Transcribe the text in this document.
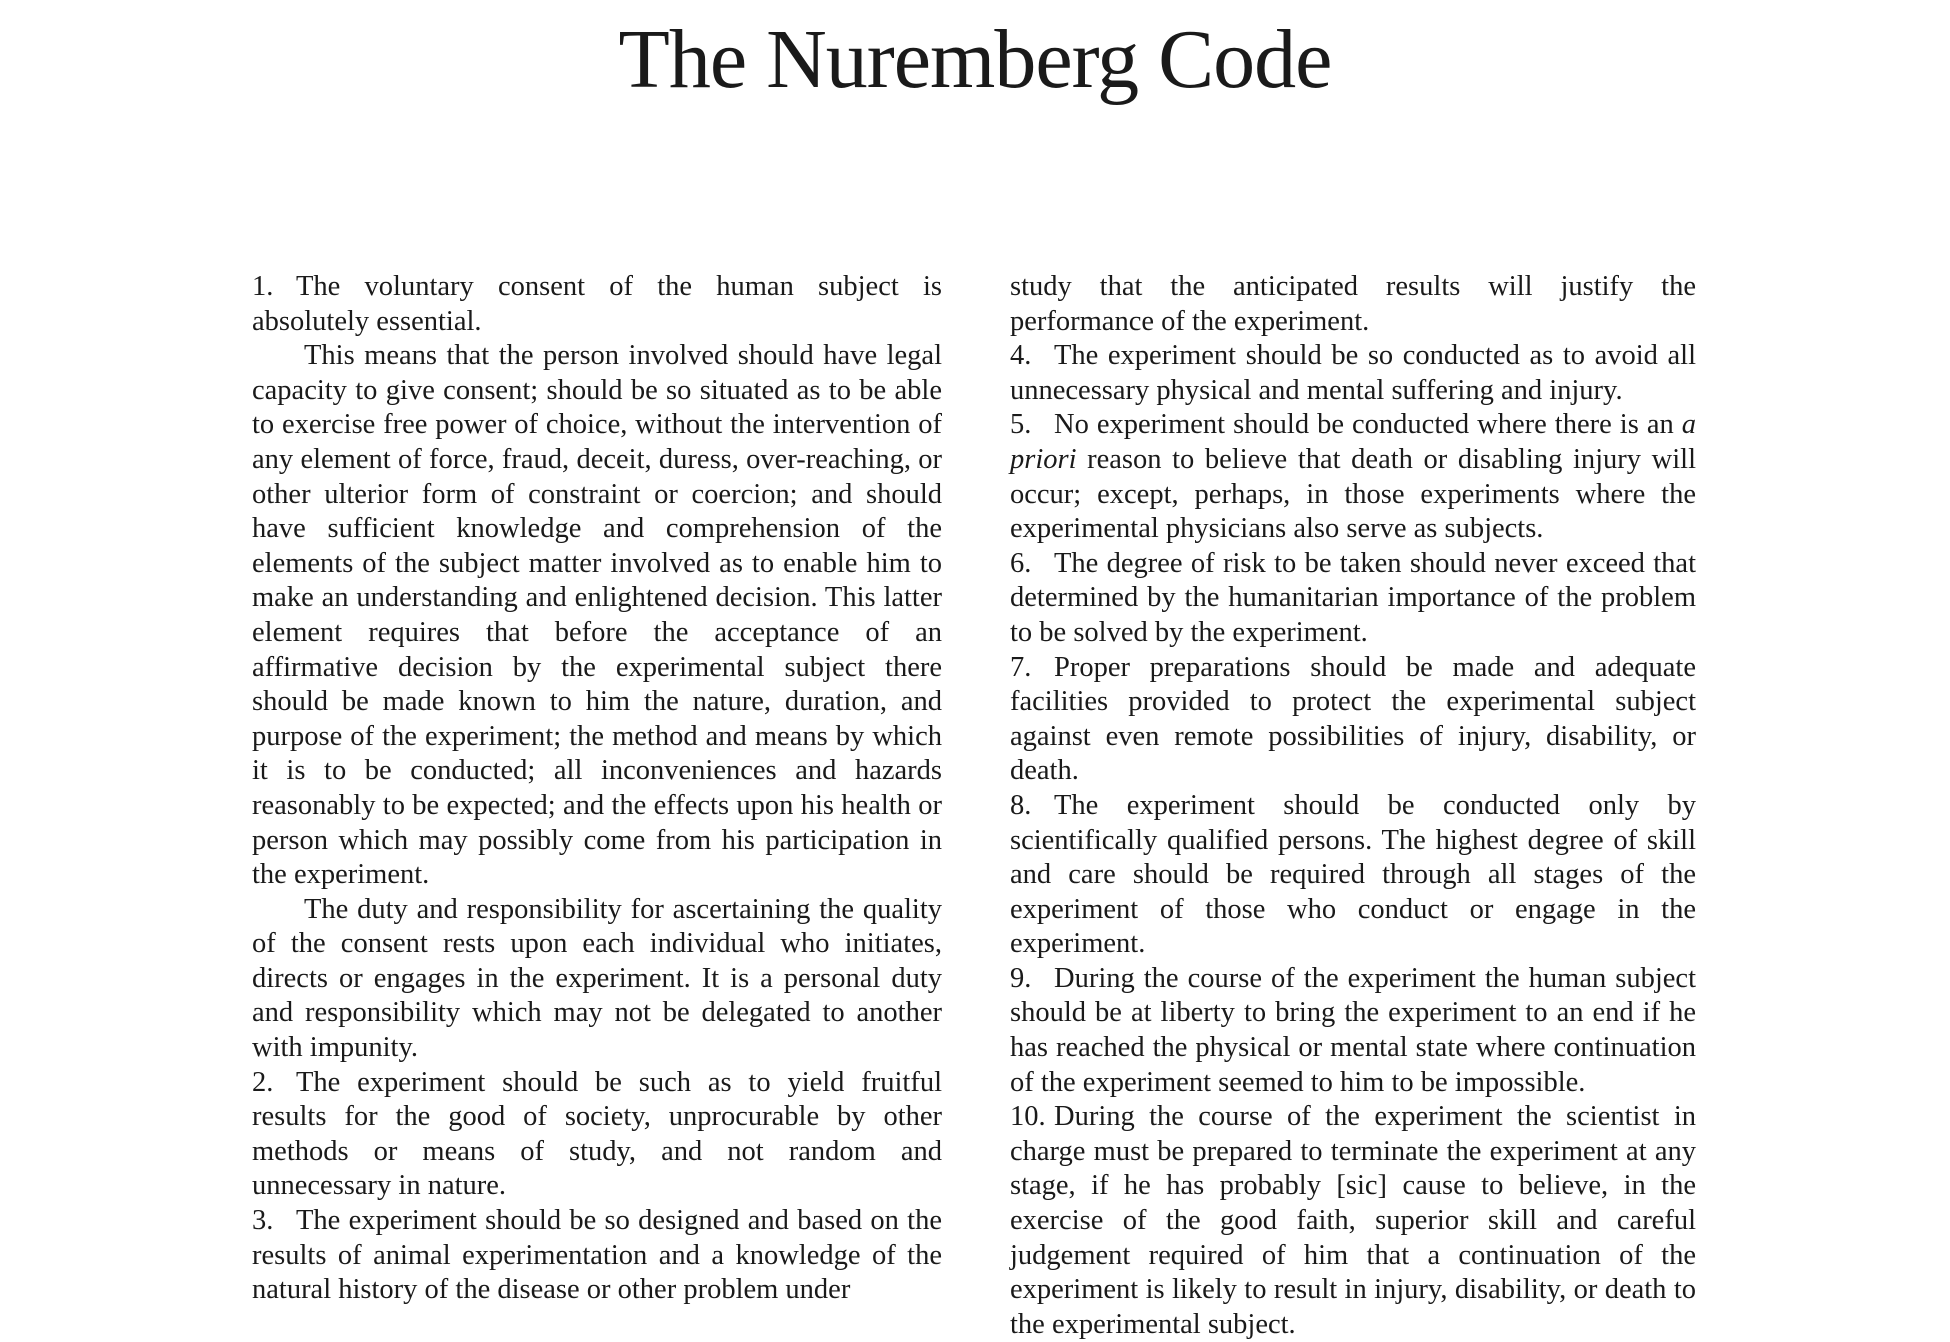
The Nuremberg Code

1. The voluntary consent of the human subject is absolutely essential.

This means that the person involved should have legal capacity to give consent; should be so situated as to be able to exercise free power of choice, without the intervention of any element of force, fraud, deceit, duress, over-reaching, or other ulterior form of constraint or coercion; and should have sufficient knowledge and comprehension of the elements of the subject matter involved as to enable him to make an understanding and enlightened decision. This latter element requires that before the acceptance of an affirmative decision by the experimental subject there should be made known to him the nature, duration, and purpose of the experiment; the method and means by which it is to be conducted; all inconveniences and hazards reasonably to be expected; and the effects upon his health or person which may possibly come from his participation in the experiment.

The duty and responsibility for ascertaining the quality of the consent rests upon each individual who initiates, directs or engages in the experiment. It is a personal duty and responsibility which may not be delegated to another with impunity.

2. The experiment should be such as to yield fruitful results for the good of society, unprocurable by other methods or means of study, and not random and unnecessary in nature.

3. The experiment should be so designed and based on the results of animal experimentation and a knowledge of the natural history of the disease or other problem under

study that the anticipated results will justify the performance of the experiment.

4. The experiment should be so conducted as to avoid all unnecessary physical and mental suffering and injury.

5. No experiment should be conducted where there is an a priori reason to believe that death or disabling injury will occur; except, perhaps, in those experiments where the experimental physicians also serve as subjects.

6. The degree of risk to be taken should never exceed that determined by the humanitarian importance of the problem to be solved by the experiment.

7. Proper preparations should be made and adequate facilities provided to protect the experimental subject against even remote possibilities of injury, disability, or death.

8. The experiment should be conducted only by scientifically qualified persons. The highest degree of skill and care should be required through all stages of the experiment of those who conduct or engage in the experiment.

9. During the course of the experiment the human subject should be at liberty to bring the experiment to an end if he has reached the physical or mental state where continuation of the experiment seemed to him to be impossible.

10. During the course of the experiment the scientist in charge must be prepared to terminate the experiment at any stage, if he has probably [sic] cause to believe, in the exercise of the good faith, superior skill and careful judgement required of him that a continuation of the experiment is likely to result in injury, disability, or death to the experimental subject.
